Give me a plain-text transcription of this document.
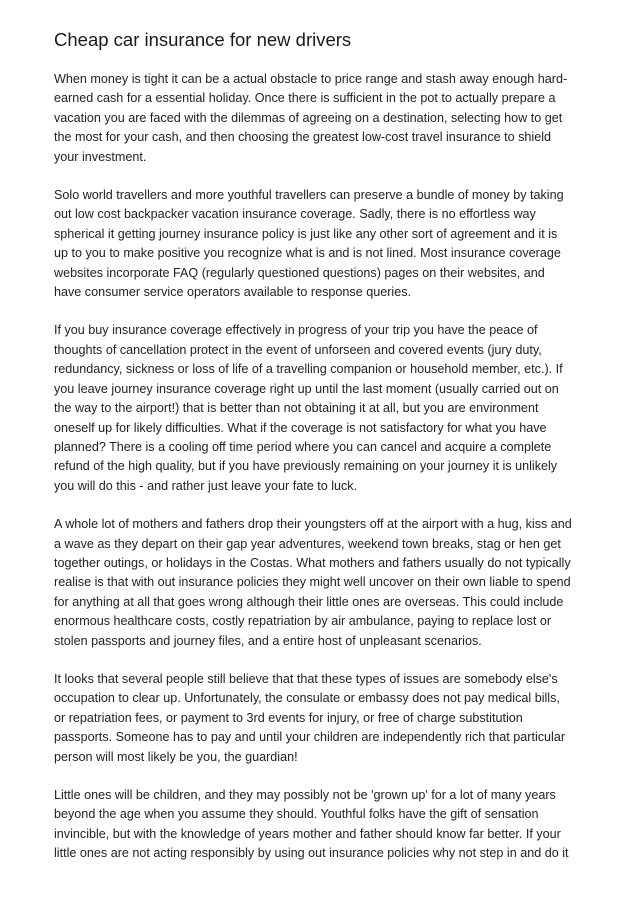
Cheap car insurance for new drivers

When money is tight it can be a actual obstacle to price range and stash away enough hard-
earned cash for a essential holiday. Once there is sufficient in the pot to actually prepare a
vacation you are faced with the dilemmas of agreeing on a destination, selecting how to get
the most for your cash, and then choosing the greatest low-cost travel insurance to shield
your investment.

Solo world travellers and more youthful travellers can preserve a bundle of money by taking
out low cost backpacker vacation insurance coverage. Sadly, there is no effortless way
spherical it getting journey insurance policy is just like any other sort of agreement and it is
up to you to make positive you recognize what is and is not lined. Most insurance coverage
websites incorporate FAQ (regularly questioned questions) pages on their websites, and
have consumer service operators available to response queries.

If you buy insurance coverage effectively in progress of your trip you have the peace of
thoughts of cancellation protect in the event of unforseen and covered events (jury duty,
redundancy, sickness or loss of life of a travelling companion or household member, etc.). If
you leave journey insurance coverage right up until the last moment (usually carried out on
the way to the airport!) that is better than not obtaining it at all, but you are environment
oneself up for likely difficulties. What if the coverage is not satisfactory for what you have
planned? There is a cooling off time period where you can cancel and acquire a complete
refund of the high quality, but if you have previously remaining on your journey it is unlikely
you will do this - and rather just leave your fate to luck.

A whole lot of mothers and fathers drop their youngsters off at the airport with a hug, kiss and
a wave as they depart on their gap year adventures, weekend town breaks, stag or hen get
together outings, or holidays in the Costas. What mothers and fathers usually do not typically
realise is that with out insurance policies they might well uncover on their own liable to spend
for anything at all that goes wrong although their little ones are overseas. This could include
enormous healthcare costs, costly repatriation by air ambulance, paying to replace lost or
stolen passports and journey files, and a entire host of unpleasant scenarios.

It looks that several people still believe that that these types of issues are somebody else's
occupation to clear up. Unfortunately, the consulate or embassy does not pay medical bills,
or repatriation fees, or payment to 3rd events for injury, or free of charge substitution
passports. Someone has to pay and until your children are independently rich that particular
person will most likely be you, the guardian!

Little ones will be children, and they may possibly not be 'grown up' for a lot of many years
beyond the age when you assume they should. Youthful folks have the gift of sensation
invincible, but with the knowledge of years mother and father should know far better. If your
little ones are not acting responsibly by using out insurance policies why not step in and do it
